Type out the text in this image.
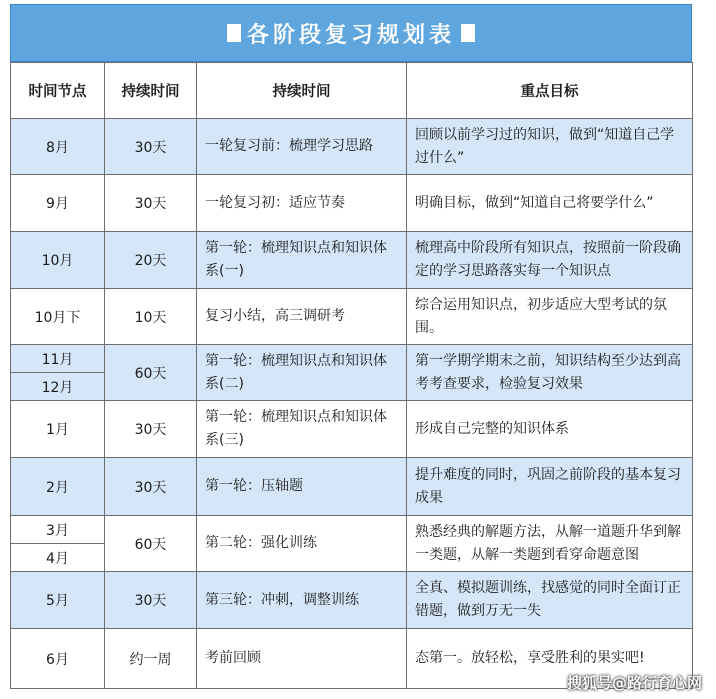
各阶段复习规划表
时间节点	持续时间	持续时间	重点目标
8月	30天	一轮复习前：梳理学习思路	回顾以前学习过的知识，做到“知道自己学过什么”
9月	30天	一轮复习初：适应节奏	明确目标，做到“知道自己将要学什么”
10月	20天	第一轮：梳理知识点和知识体系(一)	梳理高中阶段所有知识点，按照前一阶段确定的学习思路落实每一个知识点
10月下	10天	复习小结，高三调研考	综合运用知识点，初步适应大型考试的氛围。
11月	60天	第一轮：梳理知识点和知识体系(二)	第一学期学期末之前，知识结构至少达到高考考查要求，检验复习效果
12月			
1月	30天	第一轮：梳理知识点和知识体系(三)	形成自己完整的知识体系
2月	30天	第一轮：压轴题	提升难度的同时，巩固之前阶段的基本复习成果
3月	60天	第二轮：强化训练	熟悉经典的解题方法，从解一道题升华到解一类题，从解一类题到看穿命题意图
4月			
5月	30天	第三轮：冲刺，调整训练	全真、模拟题训练，找感觉的同时全面订正错题，做到万无一失
6月	约一周	考前回顾	态第一。放轻松，享受胜利的果实吧!
搜狐号@路行育心网
